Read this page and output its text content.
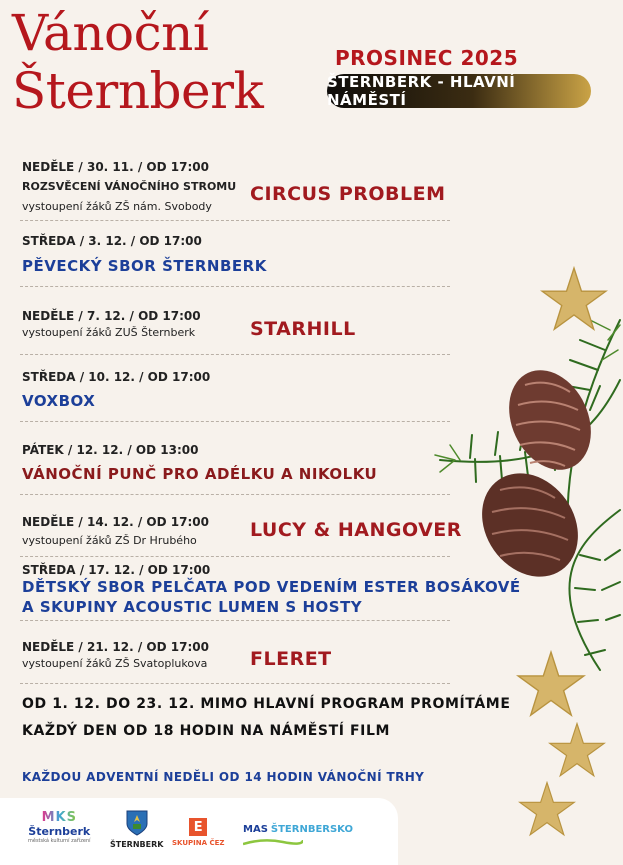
Vánoční
Šternberk
PROSINEC 2025
ŠTERNBERK - HLAVNÍ NÁMĚSTÍ
NEDĚLE / 30. 11. / OD 17:00
ROZSVĚCENÍ VÁNOČNÍHO STROMU
vystoupení žáků ZŠ nám. Svobody
CIRCUS PROBLEM
STŘEDA / 3. 12. / OD 17:00
PĚVECKÝ SBOR ŠTERNBERK
NEDĚLE / 7. 12. / OD 17:00
vystoupení žáků ZUŠ Šternberk	STARHILL
STŘEDA / 10. 12. / OD 17:00
VOXBOX
PÁTEK / 12. 12. / OD 13:00
VÁNOČNÍ PUNČ PRO ADÉLKU A NIKOLKU
NEDĚLE / 14. 12. / OD 17:00
vystoupení žáků ZŠ Dr Hrubého	LUCY & HANGOVER
STŘEDA / 17. 12. / OD 17:00
DĚTSKÝ SBOR PELČATA POD VEDENÍM ESTER BOSÁKOVÉ
A SKUPINY ACOUSTIC LUMEN S HOSTY
NEDĚLE / 21. 12. / OD 17:00
vystoupení žáků ZŠ Svatoplukova FLERET
OD 1. 12. DO 23. 12. MIMO HLAVNÍ PROGRAM PROMÍTÁME
KAŽDÝ DEN OD 18 HODIN NA NÁMĚSTÍ FILM
KAŽDOU ADVENTNÍ NEDĚLI OD 14 HODIN VÁNOČNÍ TRHY
MKŠ
Šternberk
městská kulturní zařízení ŠTERNBERK
E
SKUPINA ČEZ
MAS ŠTERNBERSKO
